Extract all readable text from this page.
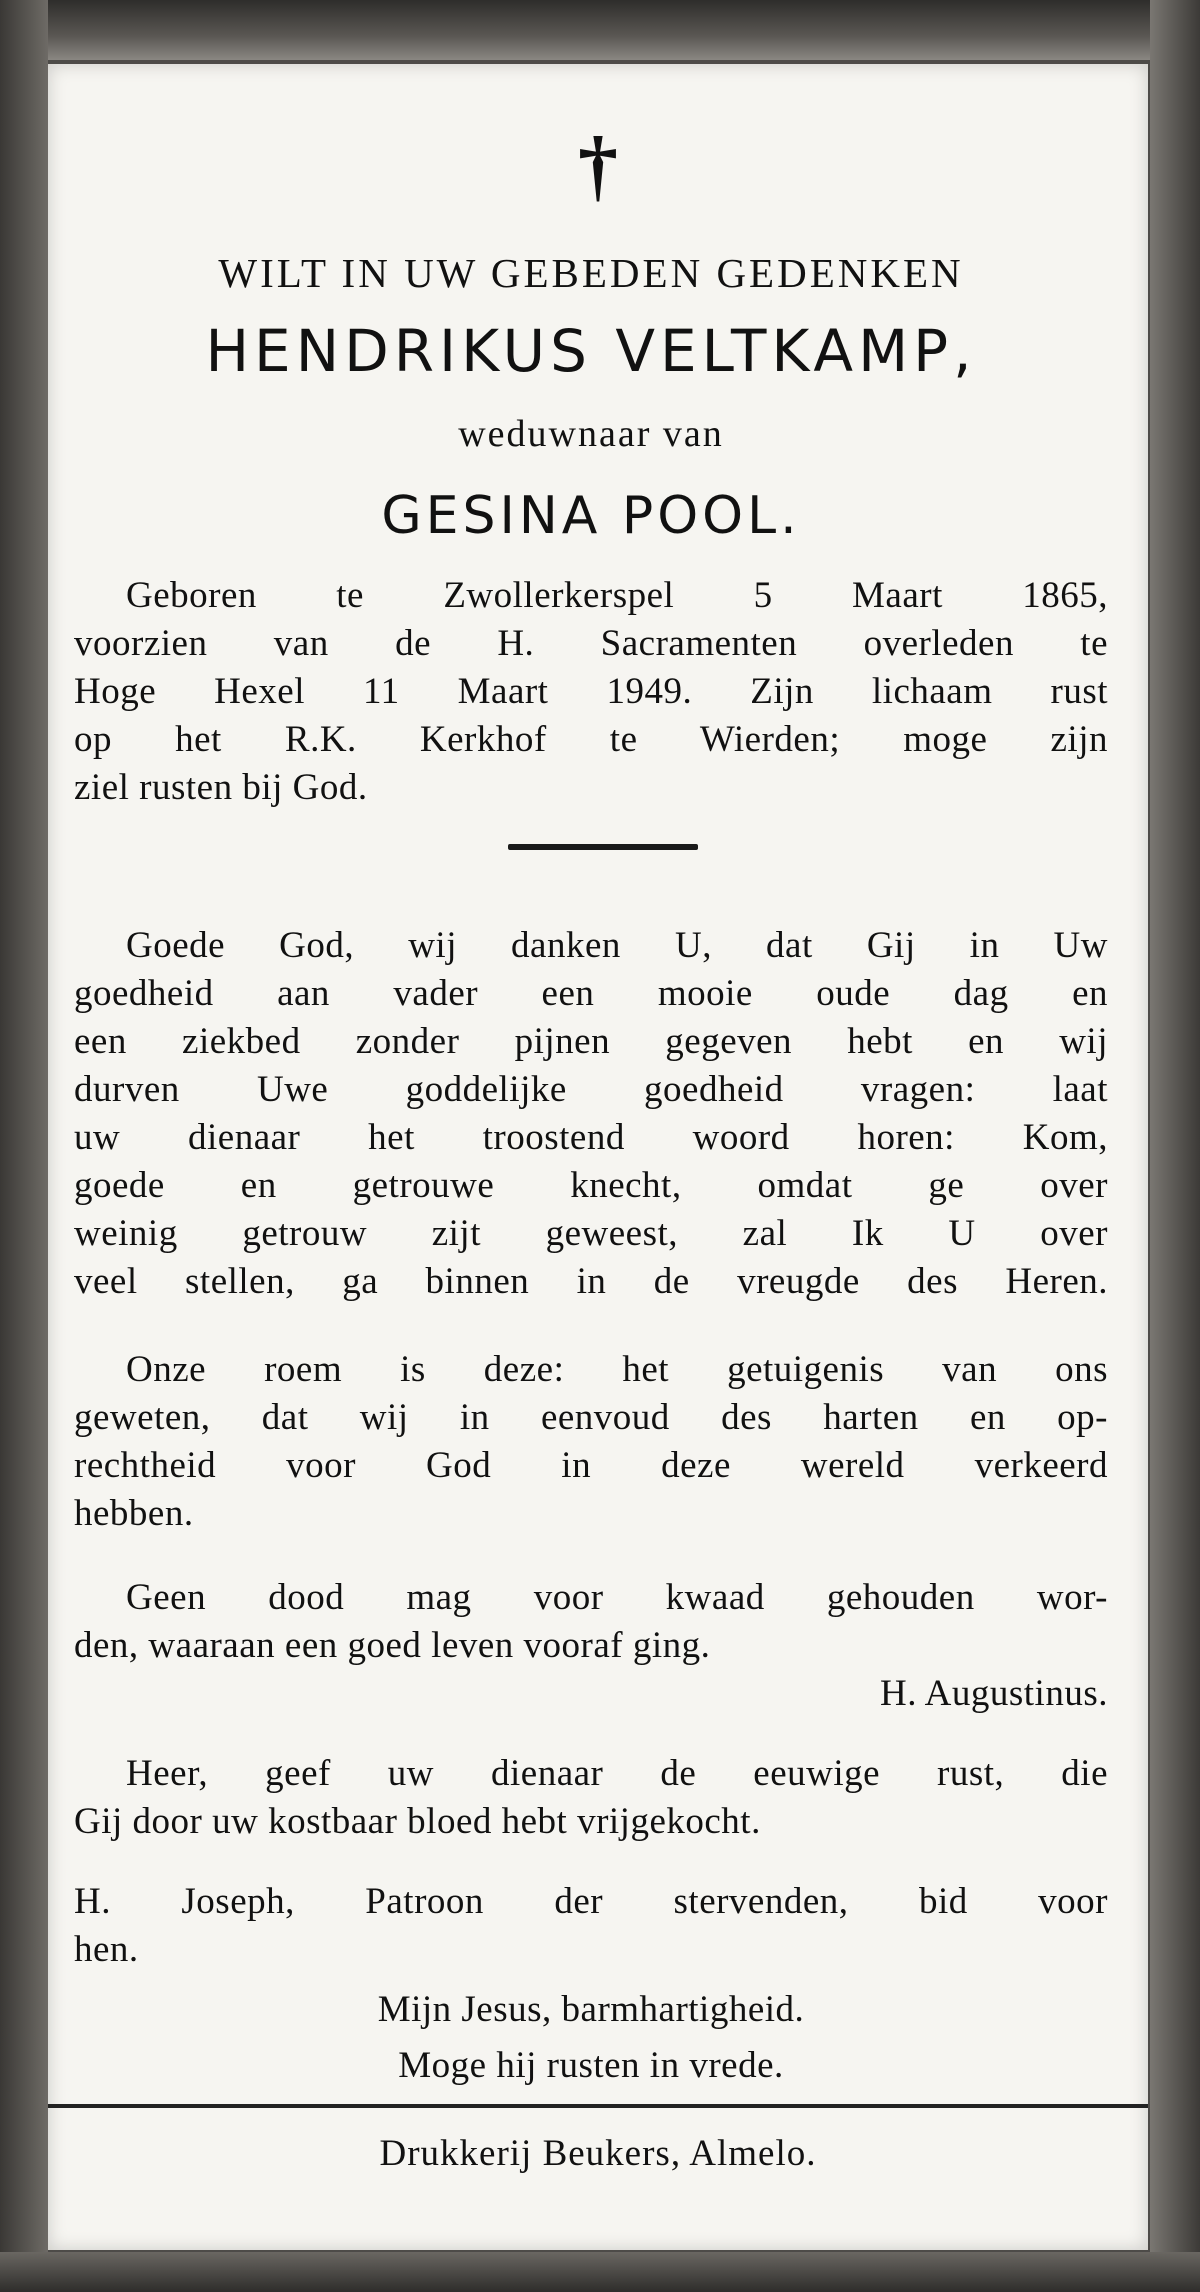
†
WILT IN UW GEBEDEN GEDENKEN
HENDRIKUS VELTKAMP,
weduwnaar van
GESINA POOL.
Geboren te Zwollerkerspel 5 Maart 1865,
voorzien van de H. Sacramenten overleden te
Hoge Hexel 11 Maart 1949. Zijn lichaam rust
op het R.K. Kerkhof te Wierden; moge zijn
ziel rusten bij God.
Goede God, wij danken U, dat Gij in Uw
goedheid aan vader een mooie oude dag en
een ziekbed zonder pijnen gegeven hebt en wij
durven Uwe goddelijke goedheid vragen: laat
uw dienaar het troostend woord horen: Kom,
goede en getrouwe knecht, omdat ge over
weinig getrouw zijt geweest, zal Ik U over
veel stellen, ga binnen in de vreugde des Heren.
Onze roem is deze: het getuigenis van ons
geweten, dat wij in eenvoud des harten en op-
rechtheid voor God in deze wereld verkeerd
hebben.
Geen dood mag voor kwaad gehouden wor-
den, waaraan een goed leven vooraf ging.
H. Augustinus.
Heer, geef uw dienaar de eeuwige rust, die
Gij door uw kostbaar bloed hebt vrijgekocht.
H. Joseph, Patroon der stervenden, bid voor
hen.
Mijn Jesus, barmhartigheid.
Moge hij rusten in vrede.
Drukkerij Beukers, Almelo.
